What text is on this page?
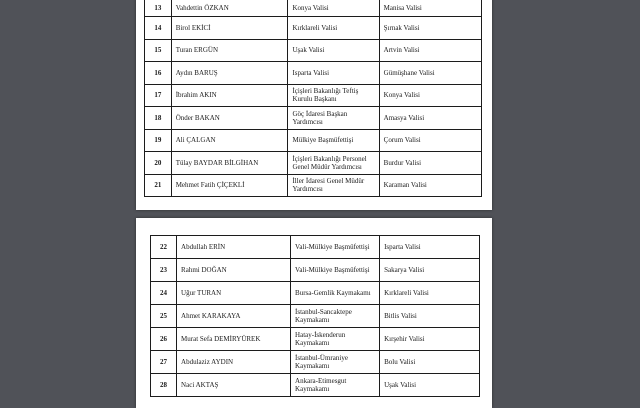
13	Vahdettin ÖZKAN	Konya Valisi	Manisa Valisi
14	Birol EKİCİ	Kırklareli Valisi	Şırnak Valisi
15	Turan ERGÜN	Uşak Valisi	Artvin Valisi
16	Aydın BARUŞ	Isparta Valisi	Gümüşhane Valisi
17	İbrahim AKIN	İçişleri Bakanlığı Teftiş
Kurulu Başkanı	Konya Valisi
18	Önder BAKAN	Göç İdaresi Başkan
Yardımcısı	Amasya Valisi
19	Ali ÇALGAN	Mülkiye Başmüfettişi	Çorum Valisi
20	Tülay BAYDAR BİLGİHAN	İçişleri Bakanlığı Personel
Genel Müdür Yardımcısı	Burdur Valisi
21	Mehmet Fatih ÇİÇEKLİ	İller İdaresi Genel Müdür
Yardımcısı	Karaman Valisi
22	Abdullah ERİN	Vali-Mülkiye Başmüfettişi	Isparta Valisi
23	Rahmi DOĞAN	Vali-Mülkiye Başmüfettişi	Sakarya Valisi
24	Uğur TURAN	Bursa-Gemlik Kaymakamı	Kırklareli Valisi
25	Ahmet KARAKAYA	İstanbul-Sancaktepe
Kaymakamı	Bitlis Valisi
26	Murat Sefa DEMİRYÜREK	Hatay-İskenderun
Kaymakamı	Kırşehir Valisi
27	Abdulaziz AYDIN	İstanbul-Ümraniye
Kaymakamı	Bolu Valisi
28	Naci AKTAŞ	Ankara-Etimesgut
Kaymakamı	Uşak Valisi
